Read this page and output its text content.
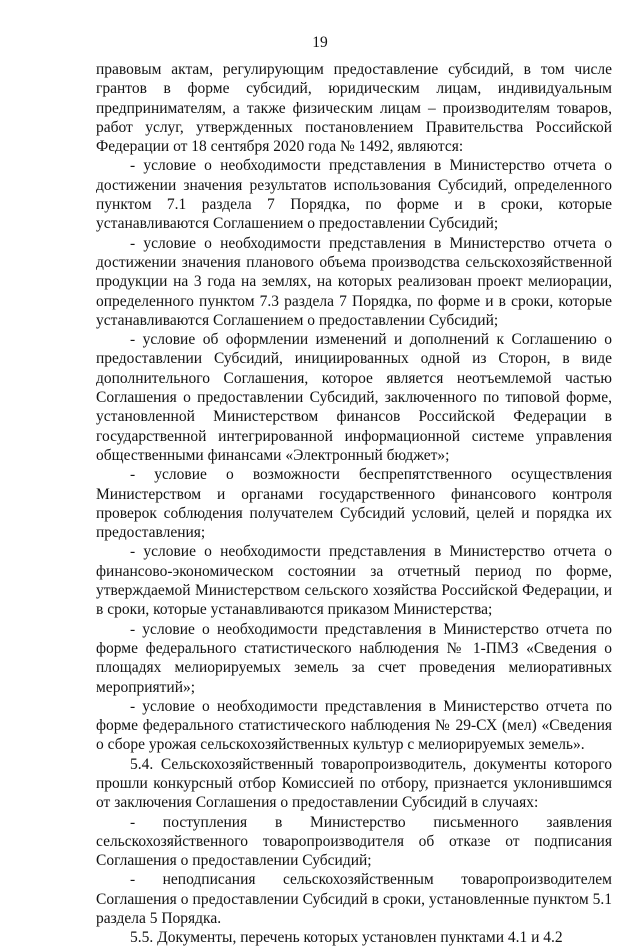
19

правовым актам, регулирующим предоставление субсидий, в том числе грантов в форме субсидий, юридическим лицам, индивидуальным предпринимателям, а также физическим лицам – производителям товаров, работ услуг, утвержденных постановлением Правительства Российской Федерации от 18 сентября 2020 года № 1492, являются:

- условие о необходимости представления в Министерство отчета о достижении значения результатов использования Субсидий, определенного пунктом 7.1 раздела 7 Порядка, по форме и в сроки, которые устанавливаются Соглашением о предоставлении Субсидий;

- условие о необходимости представления в Министерство отчета о достижении значения планового объема производства сельскохозяйственной продукции на 3 года на землях, на которых реализован проект мелиорации, определенного пунктом 7.3 раздела 7 Порядка, по форме и в сроки, которые устанавливаются Соглашением о предоставлении Субсидий;

- условие об оформлении изменений и дополнений к Соглашению о предоставлении Субсидий, инициированных одной из Сторон, в виде дополнительного Соглашения, которое является неотъемлемой частью Соглашения о предоставлении Субсидий, заключенного по типовой форме, установленной Министерством финансов Российской Федерации в государственной интегрированной информационной системе управления общественными финансами «Электронный бюджет»;

- условие о возможности беспрепятственного осуществления Министерством и органами государственного финансового контроля проверок соблюдения получателем Субсидий условий, целей и порядка их предоставления;

- условие о необходимости представления в Министерство отчета о финансово-экономическом состоянии за отчетный период по форме, утверждаемой Министерством сельского хозяйства Российской Федерации, и в сроки, которые устанавливаются приказом Министерства;

- условие о необходимости представления в Министерство отчета по форме федерального статистического наблюдения № 1-ПМЗ «Сведения о площадях мелиорируемых земель за счет проведения мелиоративных мероприятий»;

- условие о необходимости представления в Министерство отчета по форме федерального статистического наблюдения № 29-СХ (мел) «Сведения о сборе урожая сельскохозяйственных культур с мелиорируемых земель».

5.4. Сельскохозяйственный товаропроизводитель, документы которого прошли конкурсный отбор Комиссией по отбору, признается уклонившимся от заключения Соглашения о предоставлении Субсидий в случаях:

- поступления в Министерство письменного заявления сельскохозяйственного товаропроизводителя об отказе от подписания Соглашения о предоставлении Субсидий;

- неподписания сельскохозяйственным товаропроизводителем Соглашения о предоставлении Субсидий в сроки, установленные пунктом 5.1 раздела 5 Порядка.

5.5. Документы, перечень которых установлен пунктами 4.1 и 4.2
